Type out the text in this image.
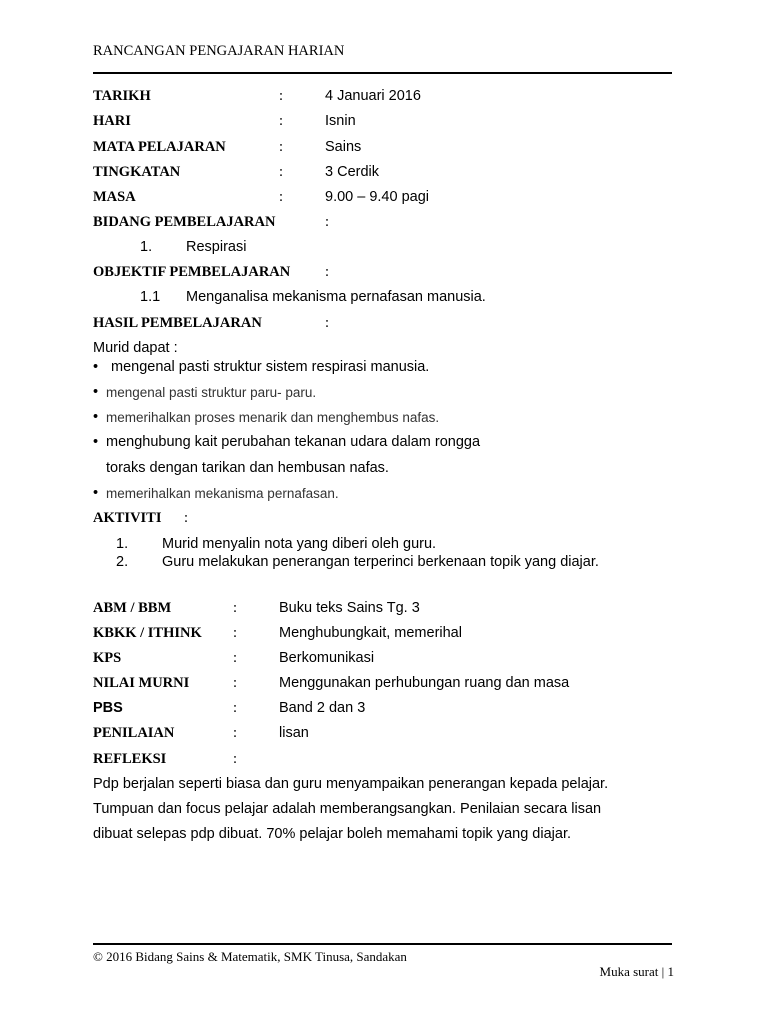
RANCANGAN PENGAJARAN HARIAN
TARIKH	:	4 Januari 2016
HARI	:	Isnin
MATA PELAJARAN	:	Sains
TINGKATAN	:	3 Cerdik
MASA	:	9.00 – 9.40 pagi
BIDANG PEMBELAJARAN	:
1. Respirasi
OBJEKTIF PEMBELAJARAN :
1.1 Menganalisa mekanisma pernafasan manusia.
HASIL PEMBELAJARAN	:
Murid dapat :
• mengenal pasti struktur sistem respirasi manusia.
• mengenal pasti struktur paru- paru.
• memerihalkan proses menarik dan menghembus nafas.
• menghubung kait perubahan tekanan udara dalam rongga
toraks dengan tarikan dan hembusan nafas.
• memerihalkan mekanisma pernafasan.
AKTIVITI :
1. Murid menyalin nota yang diberi oleh guru.
2. Guru melakukan penerangan terperinci berkenaan topik yang diajar.
ABM / BBM	:	Buku teks Sains Tg. 3
KBKK / ITHINK :	Menghubungkait, memerihal
KPS	:	Berkomunikasi
NILAI MURNI	:	Menggunakan perhubungan ruang dan masa
PBS	:	Band 2 dan 3
PENILAIAN	:	lisan
REFLEKSI	:
Pdp berjalan seperti biasa dan guru menyampaikan penerangan kepada pelajar.
Tumpuan dan focus pelajar adalah memberangsangkan. Penilaian secara lisan
dibuat selepas pdp dibuat. 70% pelajar boleh memahami topik yang diajar.
© 2016 Bidang Sains & Matematik, SMK Tinusa, Sandakan
Muka surat | 1
